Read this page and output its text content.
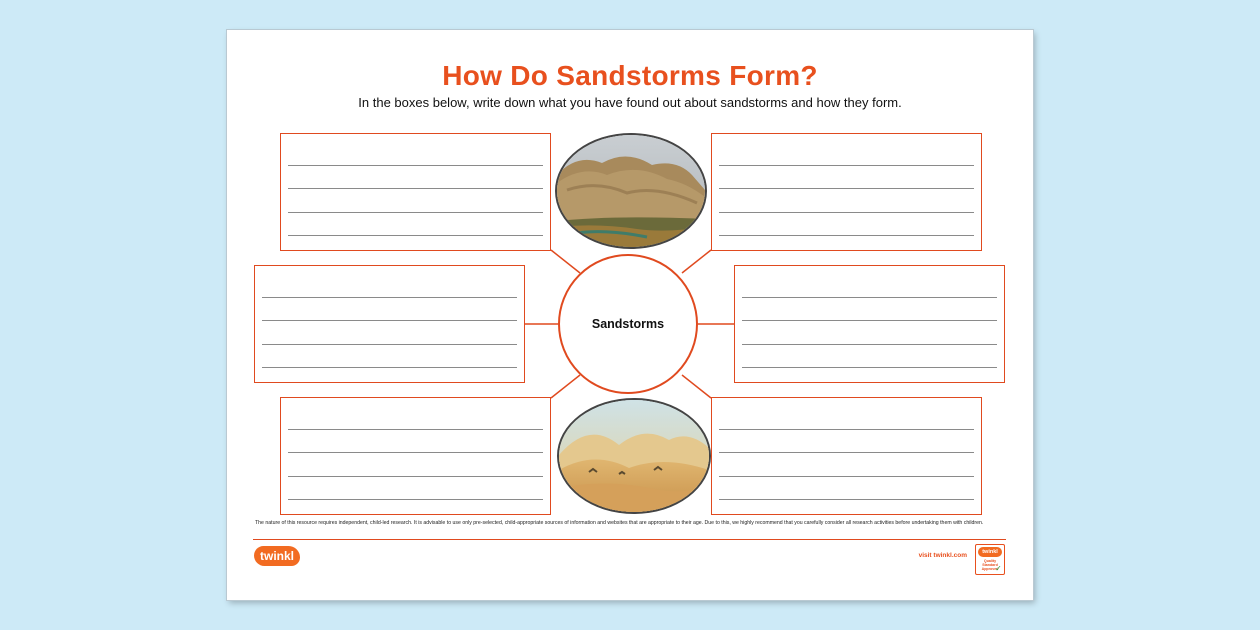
How Do Sandstorms Form?
In the boxes below, write down what you have found out about sandstorms and how they form.
Sandstorms
The nature of this resource requires independent, child-led research. It is advisable to use only pre-selected, child-appropriate sources of information and websites that are appropriate to their age. Due to this, we highly recommend that you carefully consider all research activities before undertaking them with children.
twinkl	visit twinkl.com	twinkl
Quality Standard Approved
✓
